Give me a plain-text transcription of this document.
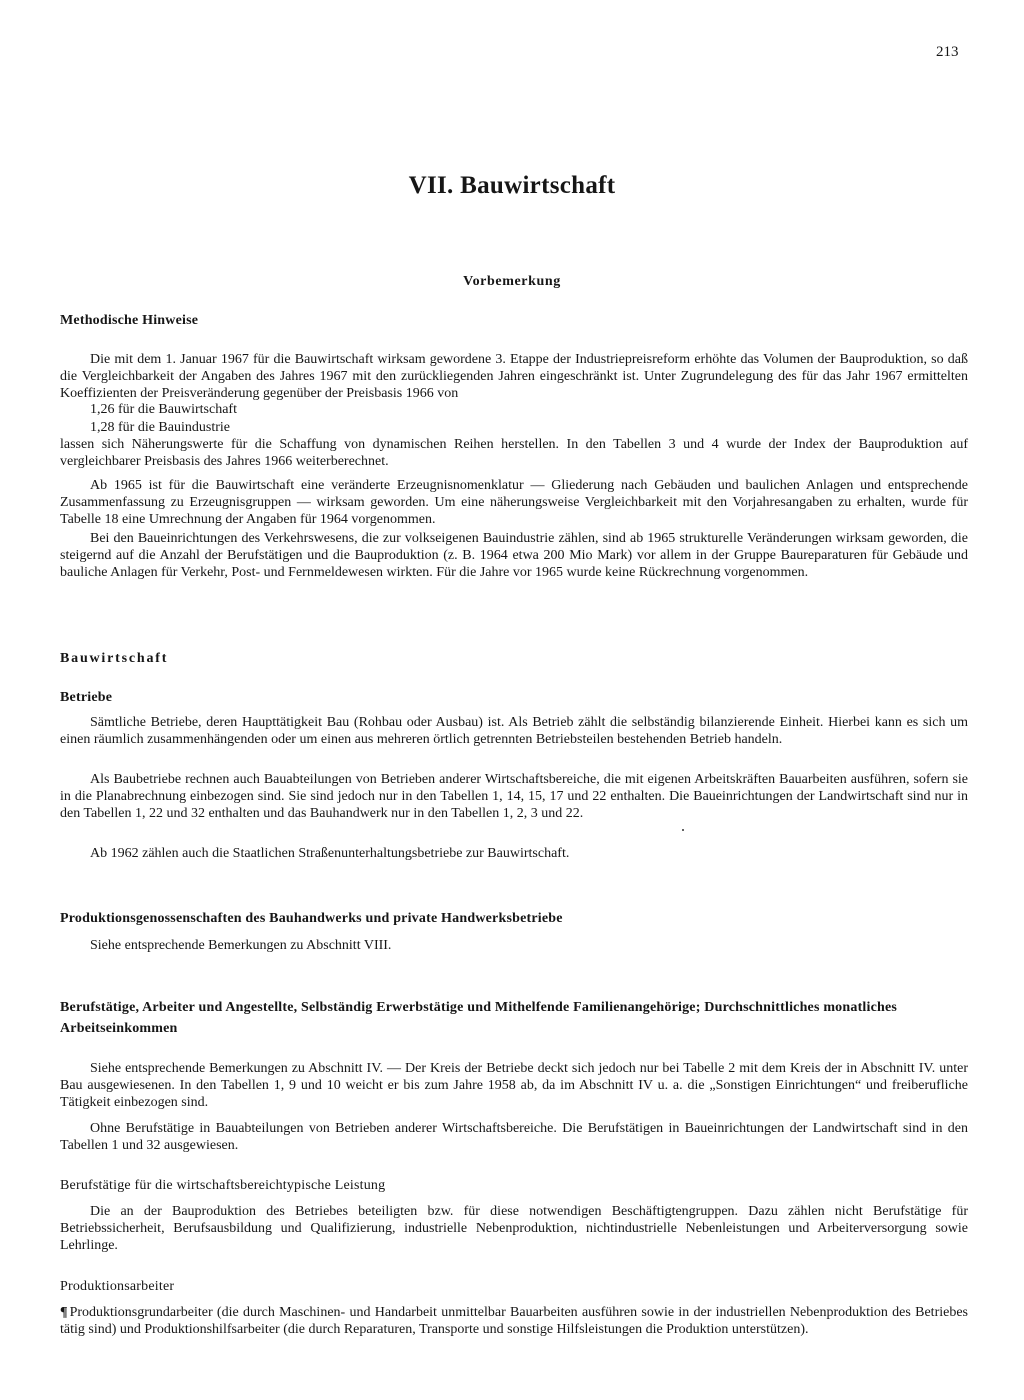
213
VII. Bauwirtschaft
Vorbemerkung
Methodische Hinweise
Die mit dem 1. Januar 1967 für die Bauwirtschaft wirksam gewordene 3. Etappe der Industriepreisreform erhöhte das Volumen der Bauproduktion, so daß die Vergleichbarkeit der Angaben des Jahres 1967 mit den zurückliegenden Jahren eingeschränkt ist. Unter Zugrundelegung des für das Jahr 1967 ermittelten Koeffizienten der Preisveränderung gegenüber der Preisbasis 1966 von
1,26 für die Bauwirtschaft
1,28 für die Bauindustrie
lassen sich Näherungswerte für die Schaffung von dynamischen Reihen herstellen. In den Tabellen 3 und 4 wurde der Index der Bauproduktion auf vergleichbarer Preisbasis des Jahres 1966 weiterberechnet.
Ab 1965 ist für die Bauwirtschaft eine veränderte Erzeugnisnomenklatur — Gliederung nach Gebäuden und baulichen Anlagen und entsprechende Zusammenfassung zu Erzeugnisgruppen — wirksam geworden. Um eine näherungsweise Vergleichbarkeit mit den Vorjahresangaben zu erhalten, wurde für Tabelle 18 eine Umrechnung der Angaben für 1964 vorgenommen.
Bei den Baueinrichtungen des Verkehrswesens, die zur volkseigenen Bauindustrie zählen, sind ab 1965 strukturelle Veränderungen wirksam geworden, die steigernd auf die Anzahl der Berufstätigen und die Bauproduktion (z. B. 1964 etwa 200 Mio Mark) vor allem in der Gruppe Baureparaturen für Gebäude und bauliche Anlagen für Verkehr, Post- und Fernmeldewesen wirkten. Für die Jahre vor 1965 wurde keine Rückrechnung vorgenommen.
Bauwirtschaft
Betriebe
Sämtliche Betriebe, deren Haupttätigkeit Bau (Rohbau oder Ausbau) ist. Als Betrieb zählt die selbständig bilanzierende Einheit. Hierbei kann es sich um einen räumlich zusammenhängenden oder um einen aus mehreren örtlich getrennten Betriebsteilen bestehenden Betrieb handeln.
Als Baubetriebe rechnen auch Bauabteilungen von Betrieben anderer Wirtschaftsbereiche, die mit eigenen Arbeitskräften Bauarbeiten ausführen, sofern sie in die Planabrechnung einbezogen sind. Sie sind jedoch nur in den Tabellen 1, 14, 15, 17 und 22 enthalten. Die Baueinrichtungen der Landwirtschaft sind nur in den Tabellen 1, 22 und 32 enthalten und das Bauhandwerk nur in den Tabellen 1, 2, 3 und 22.
Ab 1962 zählen auch die Staatlichen Straßenunterhaltungsbetriebe zur Bauwirtschaft.
Produktionsgenossenschaften des Bauhandwerks und private Handwerksbetriebe
Siehe entsprechende Bemerkungen zu Abschnitt VIII.
Berufstätige, Arbeiter und Angestellte, Selbständig Erwerbstätige und Mithelfende Familienangehörige; Durchschnittliches monatliches Arbeitseinkommen
Siehe entsprechende Bemerkungen zu Abschnitt IV. — Der Kreis der Betriebe deckt sich jedoch nur bei Tabelle 2 mit dem Kreis der in Abschnitt IV. unter Bau ausgewiesenen. In den Tabellen 1, 9 und 10 weicht er bis zum Jahre 1958 ab, da im Abschnitt IV u. a. die „Sonstigen Einrichtungen“ und freiberufliche Tätigkeit einbezogen sind.
Ohne Berufstätige in Bauabteilungen von Betrieben anderer Wirtschaftsbereiche. Die Berufstätigen in Baueinrichtungen der Landwirtschaft sind in den Tabellen 1 und 32 ausgewiesen.
Berufstätige für die wirtschaftsbereichtypische Leistung
Die an der Bauproduktion des Betriebes beteiligten bzw. für diese notwendigen Beschäftigtengruppen. Dazu zählen nicht Berufstätige für Betriebssicherheit, Berufsausbildung und Qualifizierung, industrielle Nebenproduktion, nichtindustrielle Nebenleistungen und Arbeiterversorgung sowie Lehrlinge.
Produktionsarbeiter
¶ Produktionsgrundarbeiter (die durch Maschinen- und Handarbeit unmittelbar Bauarbeiten ausführen sowie in der industriellen Nebenproduktion des Betriebes tätig sind) und Produktionshilfsarbeiter (die durch Reparaturen, Transporte und sonstige Hilfsleistungen die Produktion unterstützen).
